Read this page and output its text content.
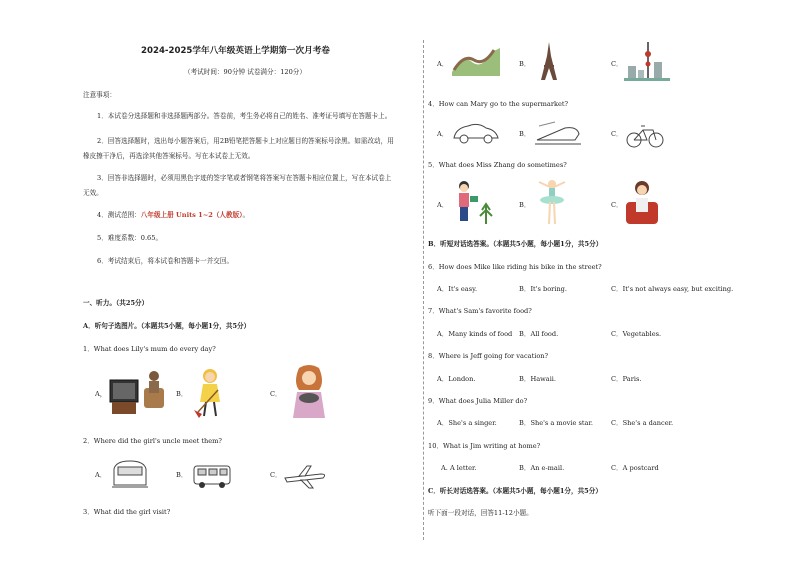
2024-2025学年八年级英语上学期第一次月考卷
（考试时间：90分钟 试卷满分：120分）
注意事项：
1．本试卷分选择题和非选择题两部分。答卷前，考生务必将自己的姓名、准考证号填写在答题卡上。
2．回答选择题时，选出每小题答案后，用2B铅笔把答题卡上对应题目的答案标号涂黑。如需改动，用
橡皮擦干净后，再选涂其他答案标号。写在本试卷上无效。
3．回答非选择题时，必须用黑色字迹的签字笔或者钢笔将答案写在答题卡相应位置上，写在本试卷上
无效。
4．测试范围：八年级上册 Units 1~2（人教版）。
5．难度系数：0.65。
6．考试结束后，将本试卷和答题卡一并交回。
一、听力。（共25分）
A．听句子选图片。（本题共5小题，每小题1分，共5分）
1．What does Lily's mum do every day?
A，	B．	C．
2．Where did the girl's uncle meet them?
A．	B．	C．
3．What did the girl visit?
A．	B．	C．
4．How can Mary go to the supermarket?
A．	B．	C．
5．What does Miss Zhang do sometimes?
A．	B．	C．
B．听短对话选答案。（本题共5小题，每小题1分，共5分）
6．How does Mike like riding his bike in the street?
A．It's easy.	B．It's boring.	C．It's not always easy, but exciting.
7．What's Sam's favorite food?
A．Many kinds of food B．All food.	C．Vegetables.
8．Where is Jeff going for vacation?
A．London.	B．Hawaii.	C．Paris.
9．What does Julia Miller do?
A．She's a singer.	B．She's a movie star.	C．She's a dancer.
10．What is Jim writing at home?
A. A letter.	B．An e-mail.	C．A postcard
C．听长对话选答案。（本题共5小题，每小题1分，共5分）
听下面一段对话，回答11-12小题。
